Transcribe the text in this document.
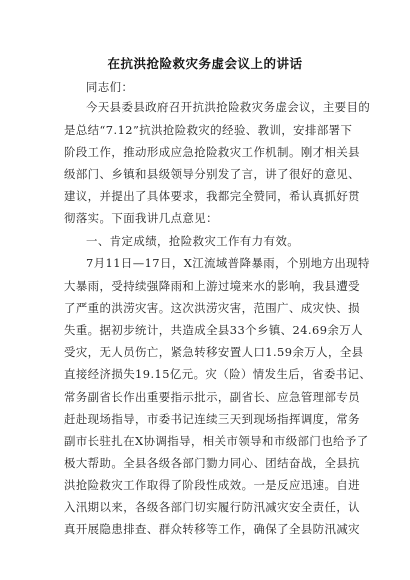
在抗洪抢险救灾务虚会议上的讲话
同志们：
今天县委县政府召开抗洪抢险救灾务虚会议，主要目的
是总结“7.12”抗洪抢险救灾的经验、教训，安排部署下
阶段工作，推动形成应急抢险救灾工作机制。刚才相关县
级部门、乡镇和县级领导分别发了言，讲了很好的意见、
建议，并提出了具体要求，我都完全赞同，希认真抓好贯
彻落实。下面我讲几点意见：
一、肯定成绩，抢险救灾工作有力有效。
7月11日—17日，X江流域普降暴雨，个别地方出现特
大暴雨，受持续强降雨和上游过境来水的影响，我县遭受
了严重的洪涝灾害。这次洪涝灾害，范围广、成灾快、损
失重。据初步统计，共造成全县33个乡镇、24.69余万人
受灾，无人员伤亡，紧急转移安置人口1.59余万人，全县
直接经济损失19.15亿元。灾（险）情发生后，省委书记、
常务副省长作出重要指示批示，副省长、应急管理部专员
赶赴现场指导，市委书记连续三天到现场指挥调度，常务
副市长驻扎在X协调指导，相关市领导和市级部门也给予了
极大帮助。全县各级各部门勠力同心、团结奋战，全县抗
洪抢险救灾工作取得了阶段性成效。一是反应迅速。自进
入汛期以来，各级各部门切实履行防汛减灾安全责任，认
真开展隐患排查、群众转移等工作，确保了全县防汛减灾
